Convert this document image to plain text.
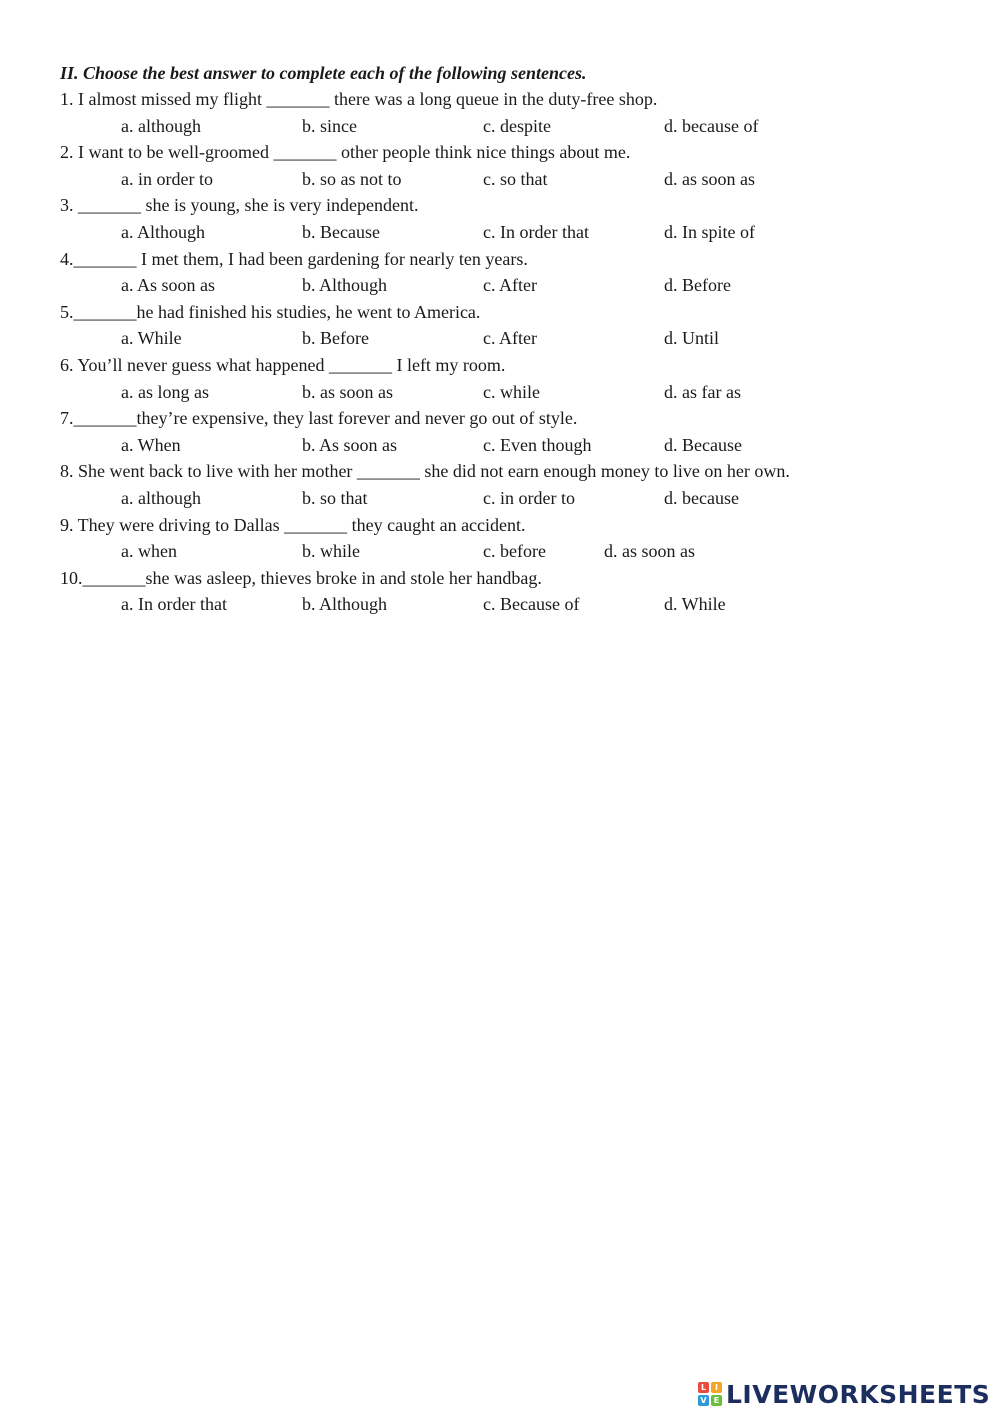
II. Choose the best answer to complete each of the following sentences.
1. I almost missed my flight _______ there was a long queue in the duty-free shop.
a. although	b. since	c. despite	d. because of
2. I want to be well-groomed _______ other people think nice things about me.
a. in order to	b. so as not to	c. so that	d. as soon as
3. _______ she is young, she is very independent.
a. Although	b. Because	c. In order that	d. In spite of
4._______ I met them, I had been gardening for nearly ten years.
a. As soon as	b. Although	c. After	d. Before
5._______he had finished his studies, he went to America.
a. While	b. Before	c. After	d. Until
6. You’ll never guess what happened _______ I left my room.
a. as long as	b. as soon as	c. while	d. as far as
7._______they’re expensive, they last forever and never go out of style.
a. When	b. As soon as	c. Even though	d. Because
8. She went back to live with her mother _______ she did not earn enough money to live on her own.
a. although	b. so that	c. in order to	d. because
9. They were driving to Dallas _______ they caught an accident.
a. when	b. while	c. before	d. as soon as
10._______she was asleep, thieves broke in and stole her handbag.
a. In order that	b. Although	c. Because of	d. While
L	I
V E LIVEWORKSHEETS
